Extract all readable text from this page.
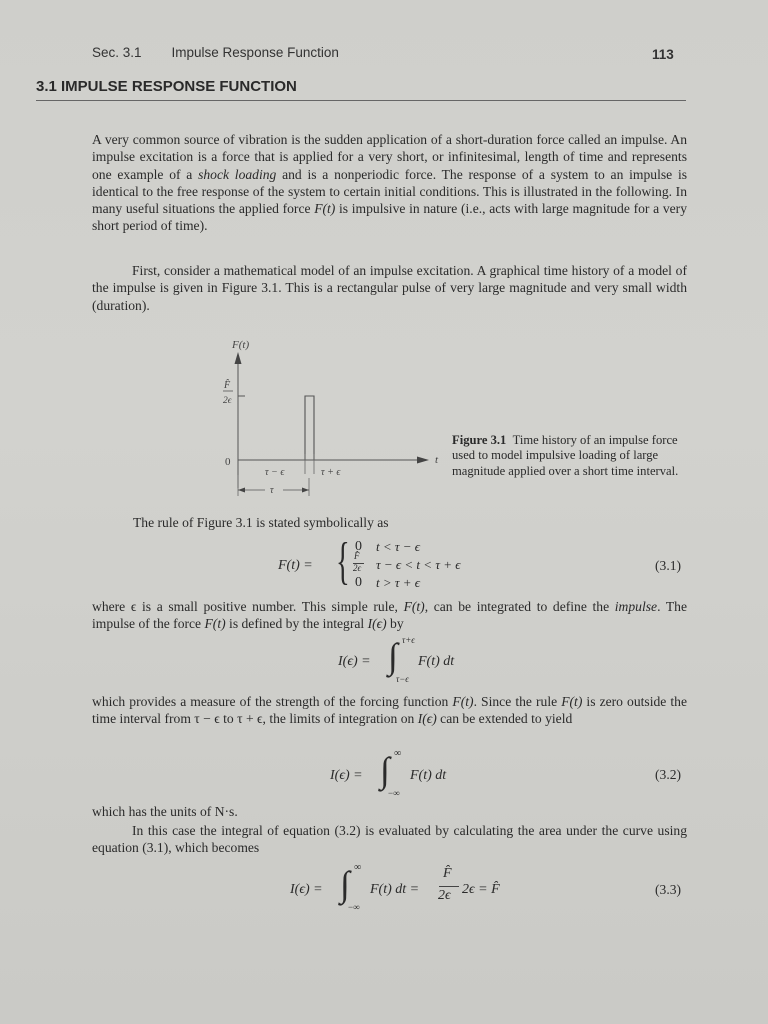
Sec. 3.1 Impulse Response Function	113
3.1 IMPULSE RESPONSE FUNCTION

A very common source of vibration is the sudden application of a short-duration force called an impulse. An impulse excitation is a force that is applied for a very short, or infinitesimal, length of time and represents one example of a shock loading and is a nonperiodic force. The response of a system to an impulse is identical to the free response of the system to certain initial conditions. This is illustrated in the following. In many useful situations the applied force F(t) is impulsive in nature (i.e., acts with large magnitude for a very short period of time).

First, consider a mathematical model of an impulse excitation. A graphical time history of a model of the impulse is given in Figure 3.1. This is a rectangular pulse of very large magnitude and very small width (duration).

F(t)
t
0
F̂
2ϵ
τ − ϵ	τ + ϵ
τ
Figure 3.1 Time history of an impulse force used to model impulsive loading of large magnitude applied over a short time interval.

The rule of Figure 3.1 is stated symbolically as

F(t) = { 0 t < τ − ϵ
F̂
2ϵ τ − ϵ < t < τ + ϵ
0 t > τ + ϵ
(3.1)

where ϵ is a small positive number. This simple rule, F(t), can be integrated to define the impulse. The impulse of the force F(t) is defined by the integral I(ϵ) by

I(ϵ) = ∫ τ+ϵ
τ−ϵ
F(t) dt

which provides a measure of the strength of the forcing function F(t). Since the rule F(t) is zero outside the time interval from τ − ϵ to τ + ϵ, the limits of integration on I(ϵ) can be extended to yield

I(ϵ) = ∫ ∞
−∞
F(t) dt	(3.2)

which has the units of N·s.

In this case the integral of equation (3.2) is evaluated by calculating the area under the curve using equation (3.1), which becomes

I(ϵ) = ∫ ∞
−∞
F(t) dt =
F̂
2ϵ 2ϵ = F̂	(3.3)
